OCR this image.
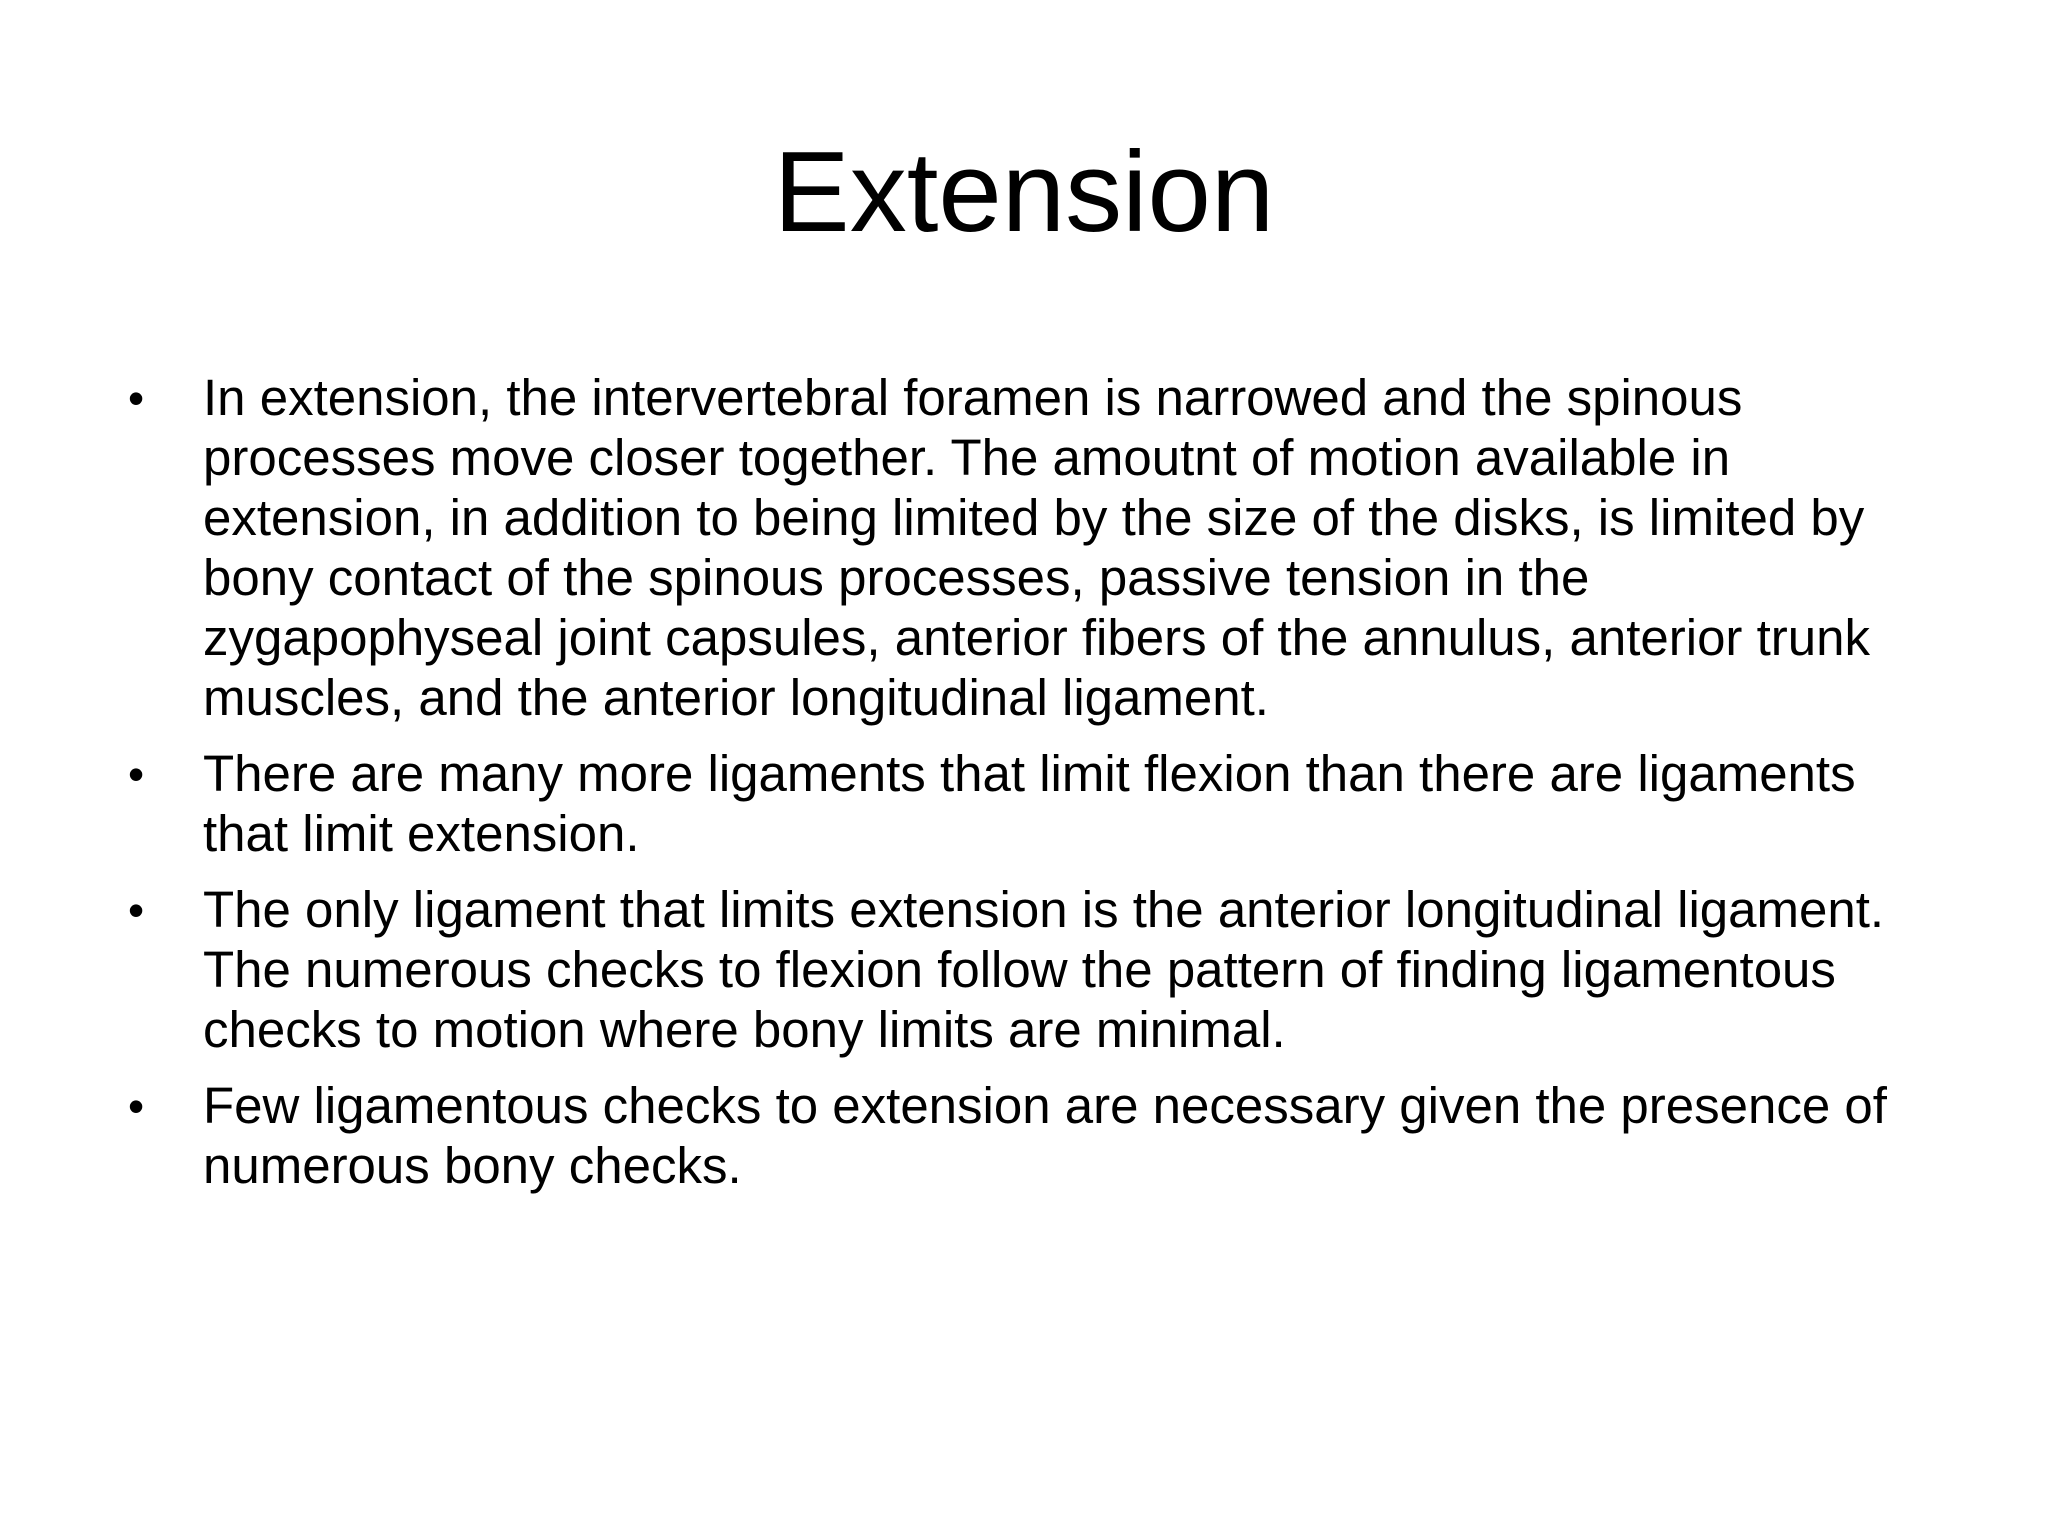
Extension
•	In extension, the intervertebral foramen is narrowed and the spinous processes move closer together. The amoutnt of motion available in extension, in addition to being limited by the size of the disks, is limited by bony contact of the spinous processes, passive tension in the zygapophyseal joint capsules, anterior fibers of the annulus, anterior trunk muscles, and the anterior longitudinal ligament.
•	There are many more ligaments that limit flexion than there are ligaments that limit extension.
•	The only ligament that limits extension is the anterior longitudinal ligament. The numerous checks to flexion follow the pattern of finding ligamentous checks to motion where bony limits are minimal.
•	Few ligamentous checks to extension are necessary given the presence of numerous bony checks.
